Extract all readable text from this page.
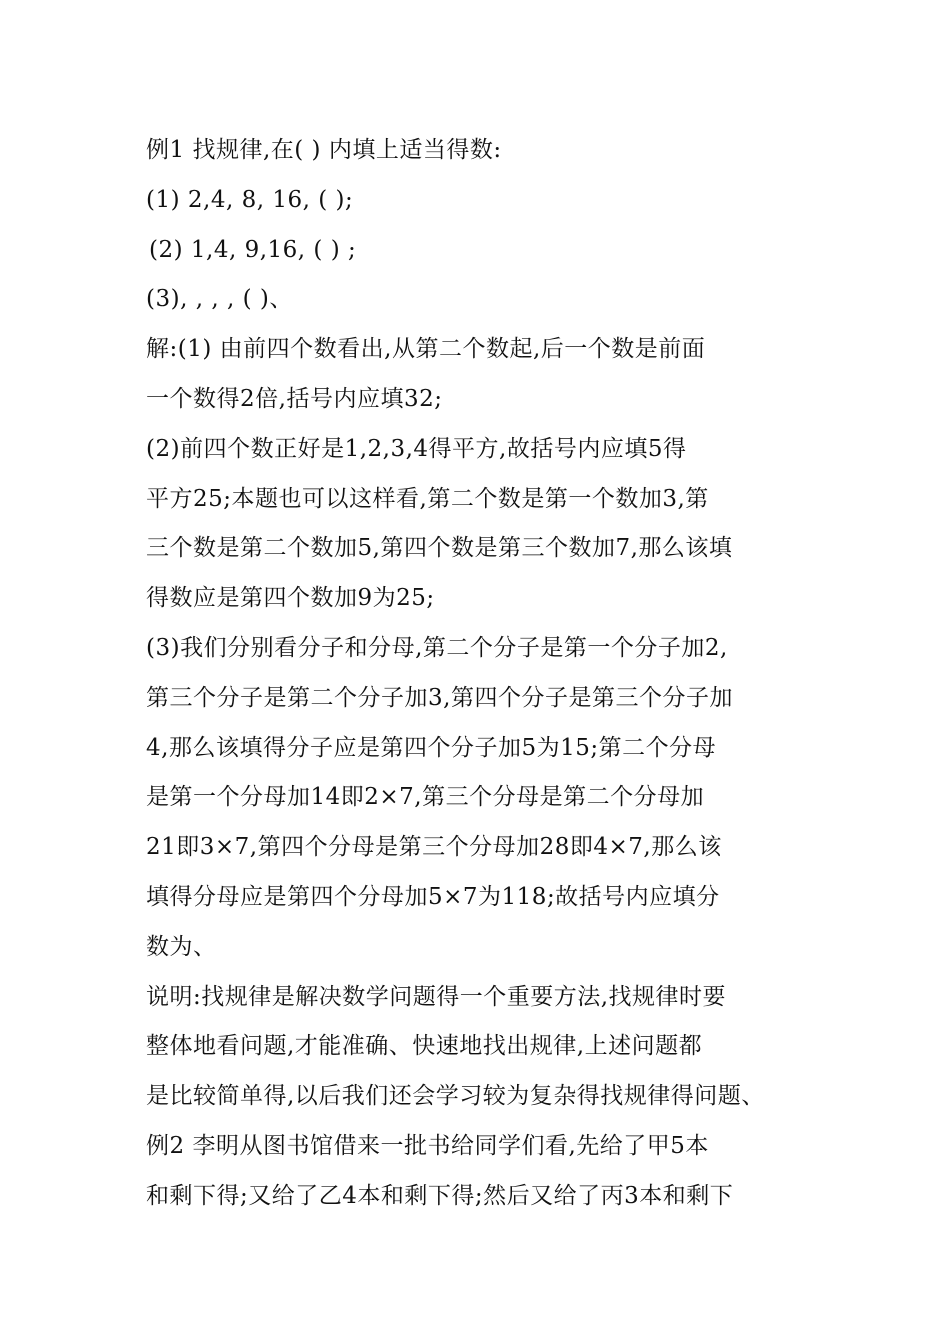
例1 找规律,在( ) 内填上适当得数:
(1) 2,4, 8, 16, ( );
(2) 1,4, 9,16, ( ) ;
(3), , , , ( )、
解:(1) 由前四个数看出,从第二个数起,后一个数是前面
一个数得2倍,括号内应填32;
(2)前四个数正好是1,2,3,4得平方,故括号内应填5得
平方25;本题也可以这样看,第二个数是第一个数加3,第
三个数是第二个数加5,第四个数是第三个数加7,那么该填
得数应是第四个数加9为25;
(3)我们分别看分子和分母,第二个分子是第一个分子加2,
第三个分子是第二个分子加3,第四个分子是第三个分子加
4,那么该填得分子应是第四个分子加5为15;第二个分母
是第一个分母加14即2×7,第三个分母是第二个分母加
21即3×7,第四个分母是第三个分母加28即4×7,那么该
填得分母应是第四个分母加5×7为118;故括号内应填分
数为、
说明:找规律是解决数学问题得一个重要方法,找规律时要
整体地看问题,才能准确、快速地找出规律,上述问题都
是比较简单得,以后我们还会学习较为复杂得找规律得问题、
例2 李明从图书馆借来一批书给同学们看,先给了甲5本
和剩下得;又给了乙4本和剩下得;然后又给了丙3本和剩下
